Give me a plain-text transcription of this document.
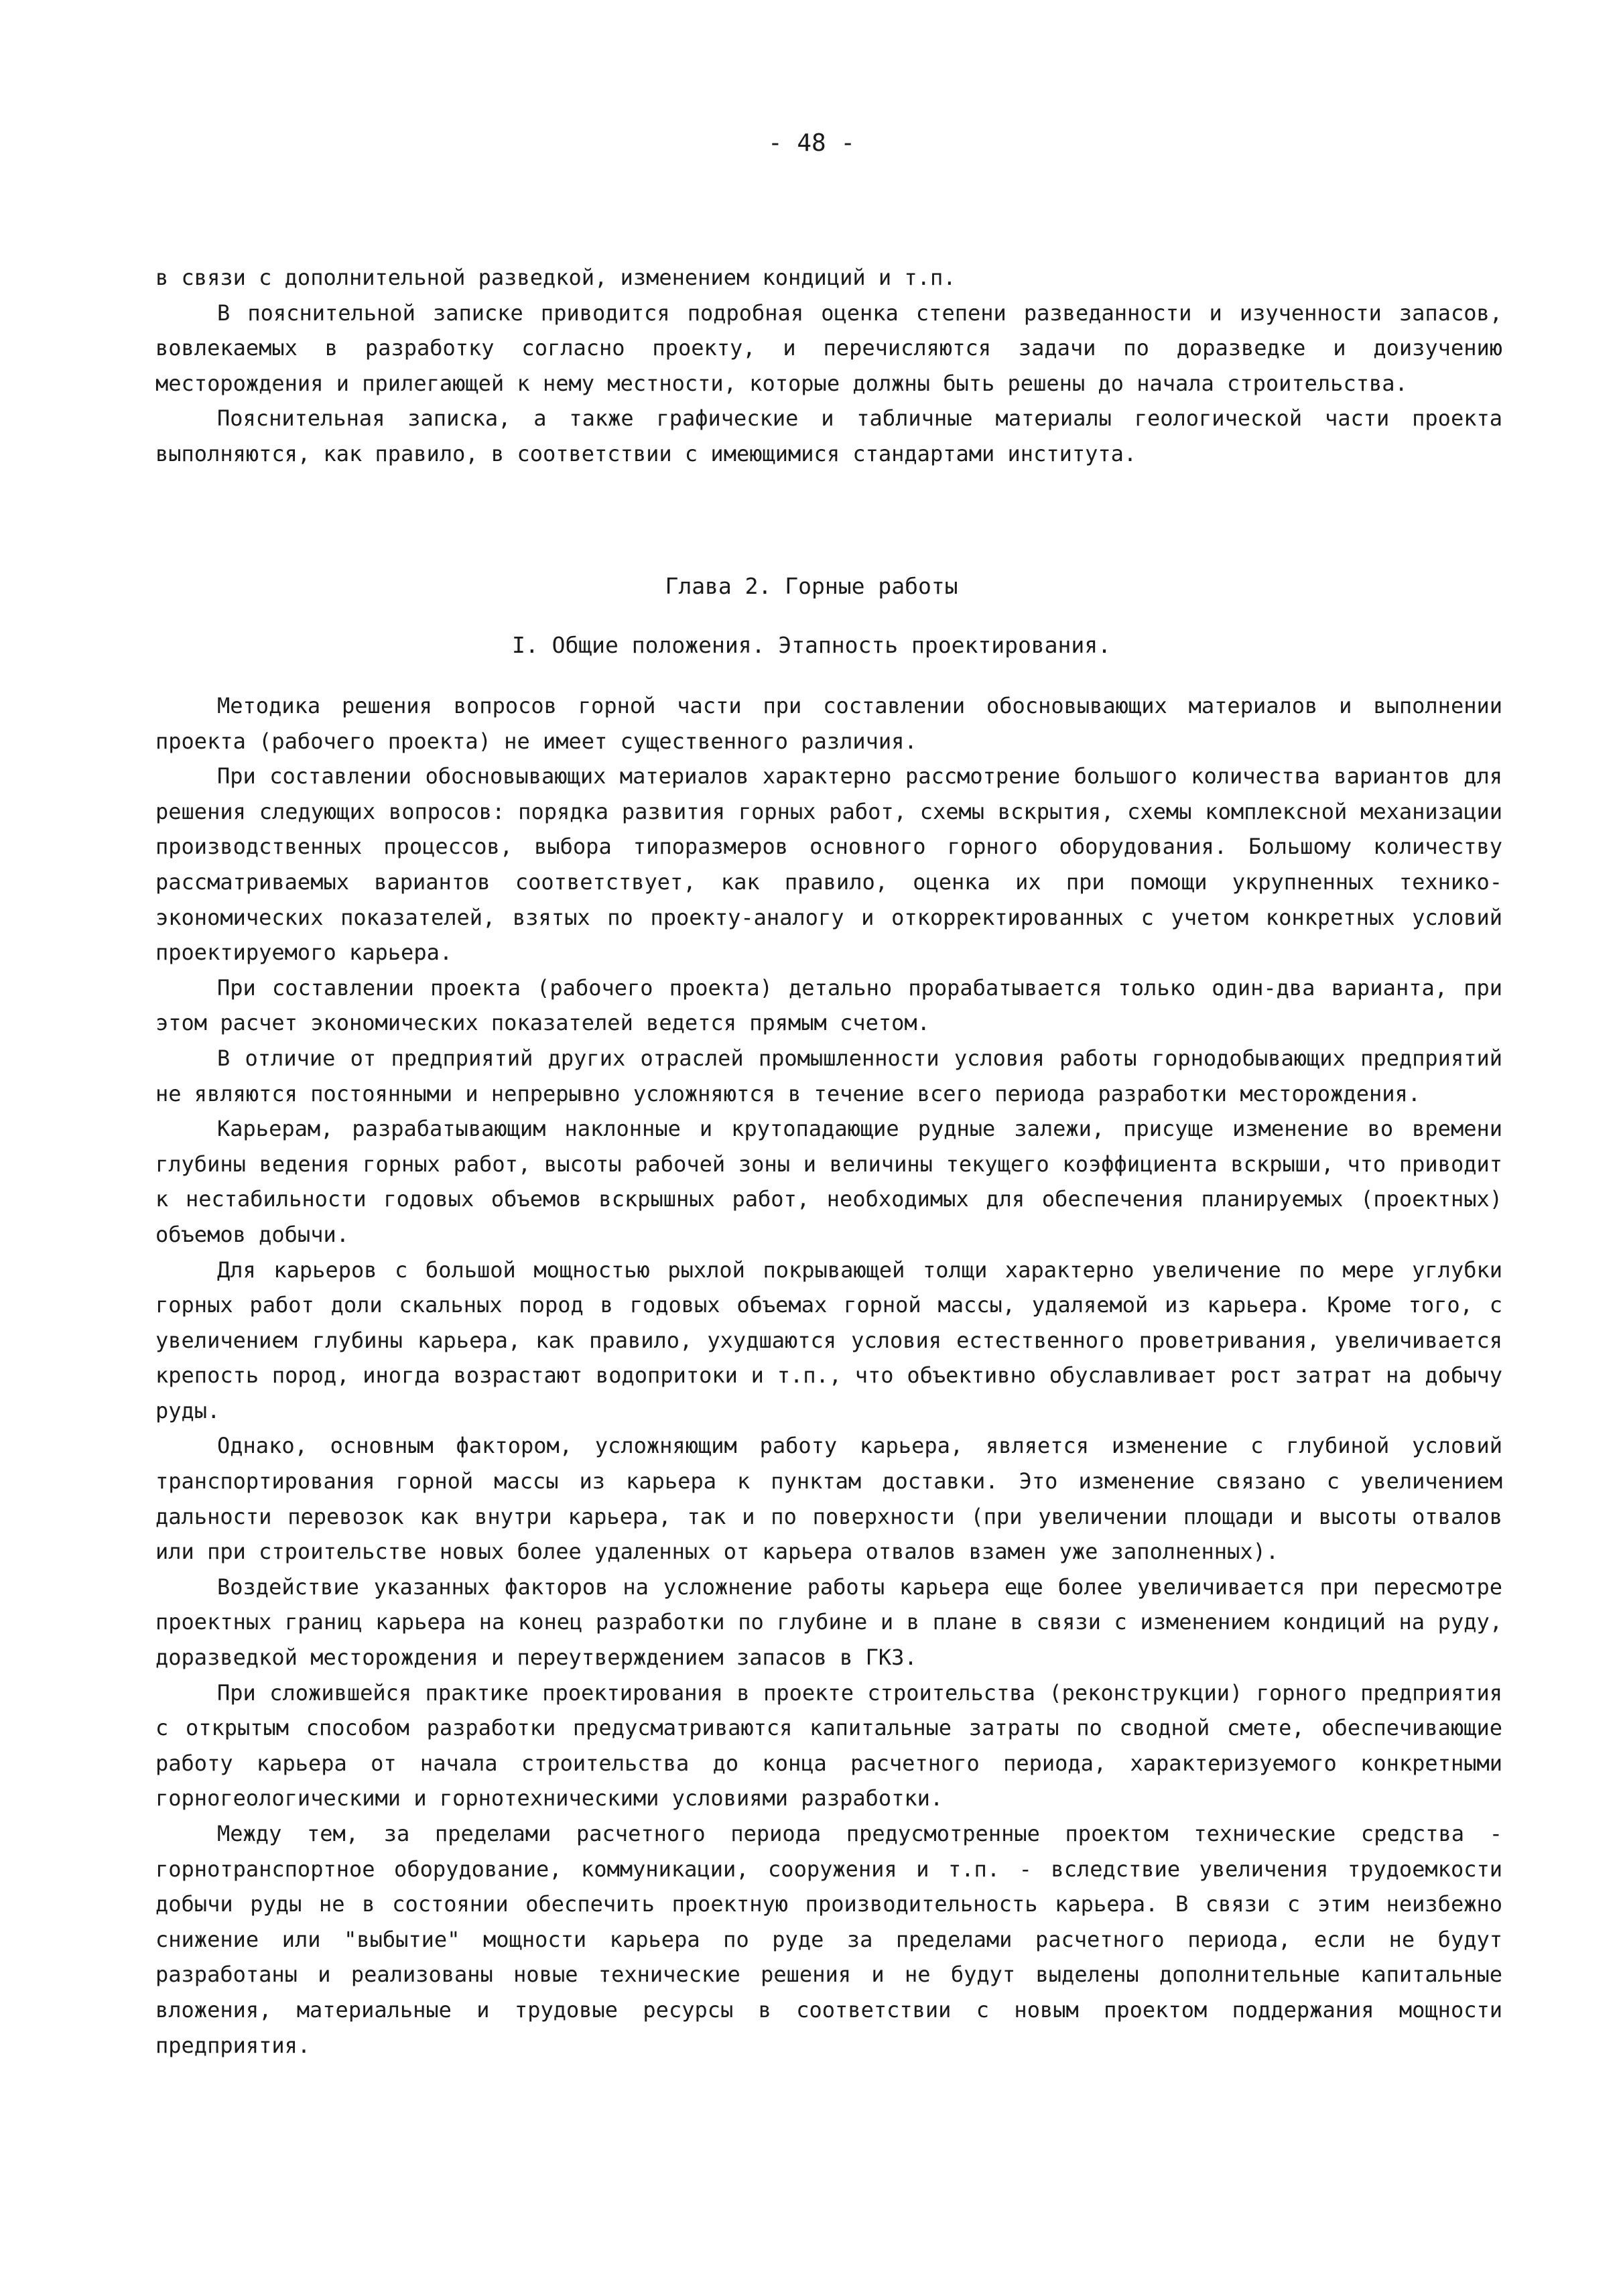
- 48 -

в связи с дополнительной разведкой, изменением кондиций и т.п.

В пояснительной записке приводится подробная оценка степени разведанности и изученности запасов, вовлекаемых в разработку согласно проекту, и перечисляются задачи по доразведке и доизучению месторождения и прилегающей к нему местности, которые должны быть решены до начала строительства.

Пояснительная записка, а также графические и табличные материалы геологической части проекта выполняются, как правило, в соответствии с имеющимися стандартами института.

Глава 2. Горные работы
I. Общие положения. Этапность проектирования.

Методика решения вопросов горной части при составлении обосновывающих материалов и выполнении проекта (рабочего проекта) не имеет существенного различия.

При составлении обосновывающих материалов характерно рассмотрение большого количества вариантов для решения следующих вопросов: порядка развития горных работ, схемы вскрытия, схемы комплексной механизации производственных процессов, выбора типоразмеров основного горного оборудования. Большому количеству рассматриваемых вариантов соответствует, как правило, оценка их при помощи укрупненных технико-экономических показателей, взятых по проекту-аналогу и откорректированных с учетом конкретных условий проектируемого карьера.

При составлении проекта (рабочего проекта) детально прорабатывается только один-два варианта, при этом расчет экономических показателей ведется прямым счетом.

В отличие от предприятий других отраслей промышленности условия работы горнодобывающих предприятий не являются постоянными и непрерывно усложняются в течение всего периода разработки месторождения.

Карьерам, разрабатывающим наклонные и крутопадающие рудные залежи, присуще изменение во времени глубины ведения горных работ, высоты рабочей зоны и величины текущего коэффициента вскрыши, что приводит к нестабильности годовых объемов вскрышных работ, необходимых для обеспечения планируемых (проектных) объемов добычи.

Для карьеров с большой мощностью рыхлой покрывающей толщи характерно увеличение по мере углубки горных работ доли скальных пород в годовых объемах горной массы, удаляемой из карьера. Кроме того, с увеличением глубины карьера, как правило, ухудшаются условия естественного проветривания, увеличивается крепость пород, иногда возрастают водопритоки и т.п., что объективно обуславливает рост затрат на добычу руды.

Однако, основным фактором, усложняющим работу карьера, является изменение с глубиной условий транспортирования горной массы из карьера к пунктам доставки. Это изменение связано с увеличением дальности перевозок как внутри карьера, так и по поверхности (при увеличении площади и высоты отвалов или при строительстве новых более удаленных от карьера отвалов взамен уже заполненных).

Воздействие указанных факторов на усложнение работы карьера еще более увеличивается при пересмотре проектных границ карьера на конец разработки по глубине и в плане в связи с изменением кондиций на руду, доразведкой месторождения и переутверждением запасов в ГКЗ.

При сложившейся практике проектирования в проекте строительства (реконструкции) горного предприятия с открытым способом разработки предусматриваются капитальные затраты по сводной смете, обеспечивающие работу карьера от начала строительства до конца расчетного периода, характеризуемого конкретными горногеологическими и горнотехническими условиями разработки.

Между тем, за пределами расчетного периода предусмотренные проектом технические средства - горнотранспортное оборудование, коммуникации, сооружения и т.п. - вследствие увеличения трудоемкости добычи руды не в состоянии обеспечить проектную производительность карьера. В связи с этим неизбежно снижение или "выбытие" мощности карьера по руде за пределами расчетного периода, если не будут разработаны и реализованы новые технические решения и не будут выделены дополнительные капитальные вложения, материальные и трудовые ресурсы в соответствии с новым проектом поддержания мощности предприятия.
